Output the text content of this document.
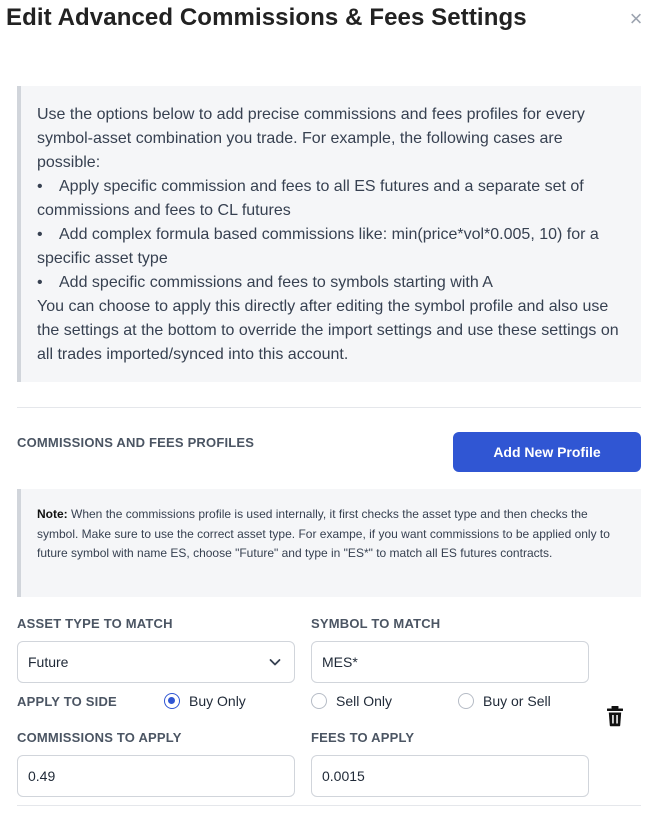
Edit Advanced Commissions & Fees Settings	×

Use the options below to add precise commissions and fees profiles for every symbol-asset combination you trade. For example, the following cases are possible:

• Apply specific commission and fees to all ES futures and a separate set of commissions and fees to CL futures
• Add complex formula based commissions like: min(price*vol*0.005, 10) for a specific asset type
• Add specific commissions and fees to symbols starting with A

You can choose to apply this directly after editing the symbol profile and also use the settings at the bottom to override the import settings and use these settings on all trades imported/synced into this account.

COMMISSIONS AND FEES PROFILES
Add New Profile
Note: When the commissions profile is used internally, it first checks the asset type and then checks the symbol. Make sure to use the correct asset type. For exampe, if you want commissions to be applied only to future symbol with name ES, choose "Future" and type in "ES*" to match all ES futures contracts.
ASSET TYPE TO MATCH
Future
SYMBOL TO MATCH
MES*
APPLY TO SIDE	Buy Only	Sell Only	Buy or Sell
COMMISSIONS TO APPLY
0.49
FEES TO APPLY
0.0015
